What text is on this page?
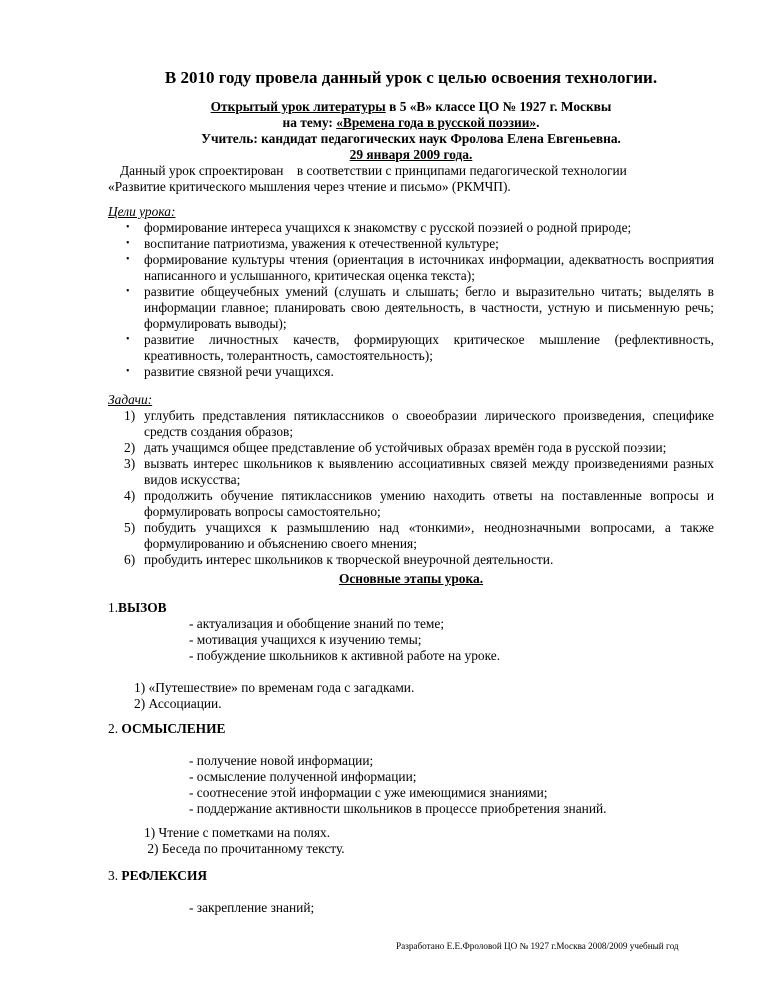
В 2010 году провела данный урок с целью освоения технологии.
Открытый урок литературы в 5 «В» классе ЦО № 1927 г. Москвы
на тему: «Времена года в русской поэзии».
Учитель: кандидат педагогических наук Фролова Елена Евгеньевна.
29 января 2009 года.

Данный урок спроектирован    в соответствии с принципами педагогической технологии

«Развитие критического мышления через чтение и письмо» (РКМЧП).

Цели урока:
• формирование интереса учащихся к знакомству с русской поэзией о родной природе;
• воспитание патриотизма, уважения к отечественной культуре;
• формирование культуры чтения (ориентация в источниках информации, адекватность восприятия написанного и услышанного, критическая оценка текста);
• развитие общеучебных умений (слушать и слышать; бегло и выразительно читать; выделять в информации главное; планировать свою деятельность, в частности, устную и письменную речь; формулировать выводы);
• развитие личностных качеств, формирующих критическое мышление (рефлективность, креативность, толерантность, самостоятельность);
• развитие связной речи учащихся.
Задачи:
1) углубить представления пятиклассников о своеобразии лирического произведения, специфике средств создания образов;
2) дать учащимся общее представление об устойчивых образах времён года в русской поэзии;
3) вызвать интерес школьников к выявлению ассоциативных связей между произведениями разных видов искусства;
4) продолжить обучение пятиклассников умению находить ответы на поставленные вопросы и формулировать вопросы самостоятельно;
5) побудить учащихся к размышлению над «тонкими», неоднозначными вопросами, а также формулированию и объяснению своего мнения;
6) пробудить интерес школьников к творческой внеурочной деятельности.
Основные этапы урока.
1.ВЫЗОВ
- актуализация и обобщение знаний по теме;
- мотивация учащихся к изучению темы;
- побуждение школьников к активной работе на уроке.
1) «Путешествие» по временам года с загадками.
2) Ассоциации.
2. ОСМЫСЛЕНИЕ
- получение новой информации;
- осмысление полученной информации;
- соотнесение этой информации с уже имеющимися знаниями;
- поддержание активности школьников в процессе приобретения знаний.
1) Чтение с пометками на полях.
2) Беседа по прочитанному тексту.
3. РЕФЛЕКСИЯ
- закрепление знаний;
Разработано Е.Е.Фроловой ЦО № 1927 г.Москва 2008/2009 учебный год
